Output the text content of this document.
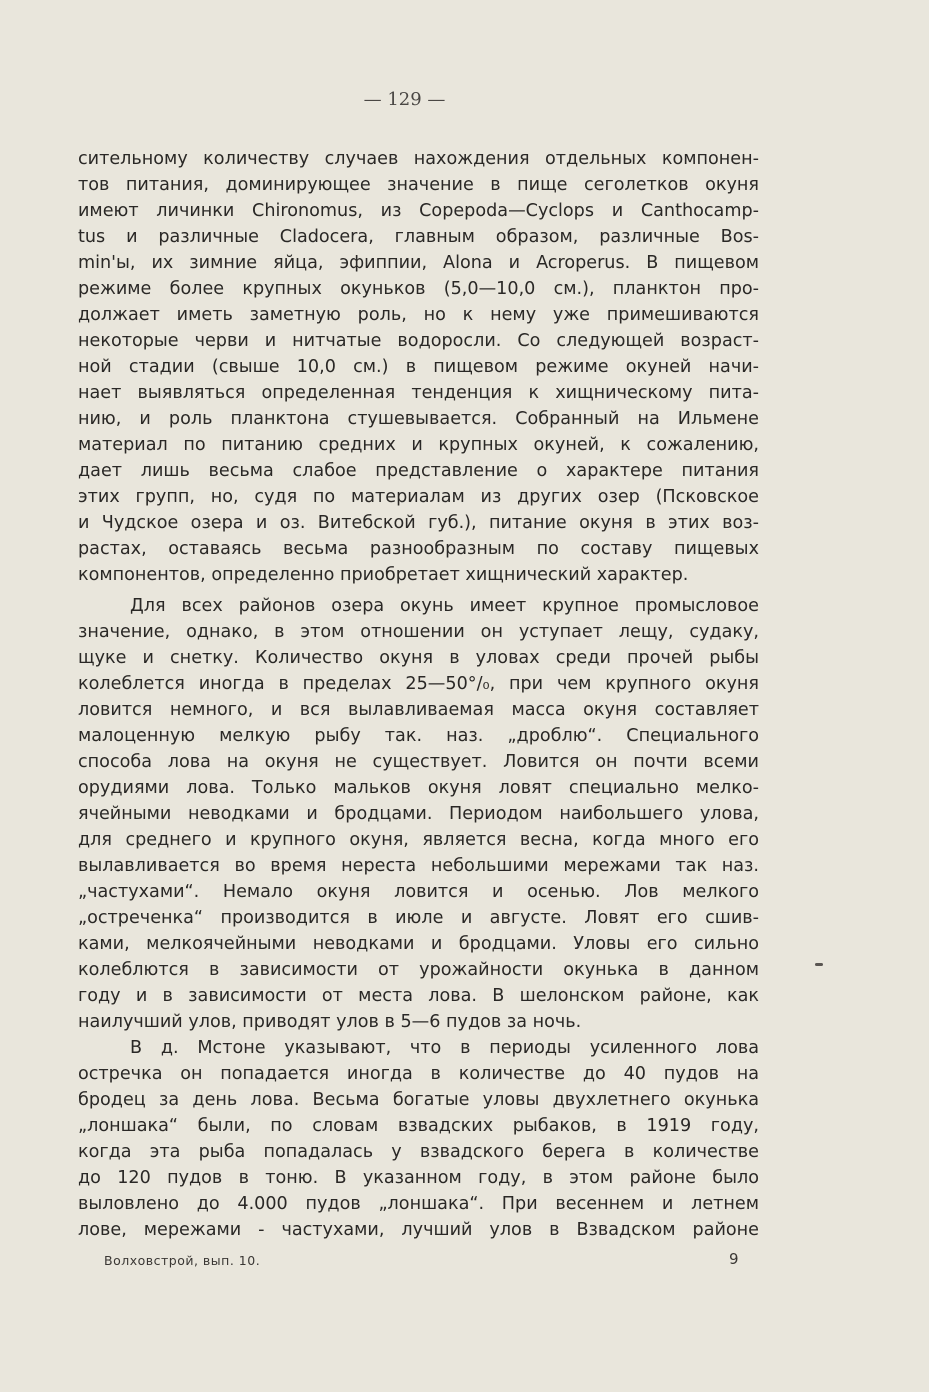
— 129 —
сительному количеству случаев нахождения отдельных компонен-
тов питания, доминирующее значение в пище сеголетков окуня
имеют личинки Chironomus, из Copepoda—Cyclops и Canthocamp-
tus и различные Cladocera, главным образом, различные Bos-
min'ы, их зимние яйца, эфиппии, Alona и Acroperus. В пищевом
режиме более крупных окуньков (5,0—10,0 см.), планктон про-
должает иметь заметную роль, но к нему уже примешиваются
некоторые черви и нитчатые водоросли. Со следующей возраст-
ной стадии (свыше 10,0 см.) в пищевом режиме окуней начи-
нает выявляться определенная тенденция к хищническому пита-
нию, и роль планктона стушевывается. Собранный на Ильмене
материал по питанию средних и крупных окуней, к сожалению,
дает лишь весьма слабое представление о характере питания
этих групп, но, судя по материалам из других озер (Псковское
и Чудское озера и оз. Витебской губ.), питание окуня в этих воз-
растах, оставаясь весьма разнообразным по составу пищевых
компонентов, определенно приобретает хищнический характер.
Для всех районов озера окунь имеет крупное промысловое
значение, однако, в этом отношении он уступает лещу, судаку,
щуке и снетку. Количество окуня в уловах среди прочей рыбы
колеблется иногда в пределах 25—50°/₀, при чем крупного окуня
ловится немного, и вся вылавливаемая масса окуня составляет
малоценную мелкую рыбу так. наз. „дроблю“. Специального
способа лова на окуня не существует. Ловится он почти всеми
орудиями лова. Только мальков окуня ловят специально мелко-
ячейными неводками и бродцами. Периодом наибольшего улова,
для среднего и крупного окуня, является весна, когда много его
вылавливается во время нереста небольшими мережами так наз.
„частухами“. Немало окуня ловится и осенью. Лов мелкого
„остреченка“ производится в июле и августе. Ловят его сшив-
ками, мелкоячейными неводками и бродцами. Уловы его сильно
колеблются в зависимости от урожайности окунька в данном
году и в зависимости от места лова. В шелонском районе, как
наилучший улов, приводят улов в 5—6 пудов за ночь.
В д. Мстоне указывают, что в периоды усиленного лова
остречка он попадается иногда в количестве до 40 пудов на
бродец за день лова. Весьма богатые уловы двухлетнего окунька
„лоншака“ были, по словам взвадских рыбаков, в 1919 году,
когда эта рыба попадалась у взвадского берега в количестве
до 120 пудов в тоню. В указанном году, в этом районе было
выловлено до 4.000 пудов „лоншака“. При весеннем и летнем
лове, мережами - частухами, лучший улов в Взвадском районе
Волховстрой, вып. 10.	9
